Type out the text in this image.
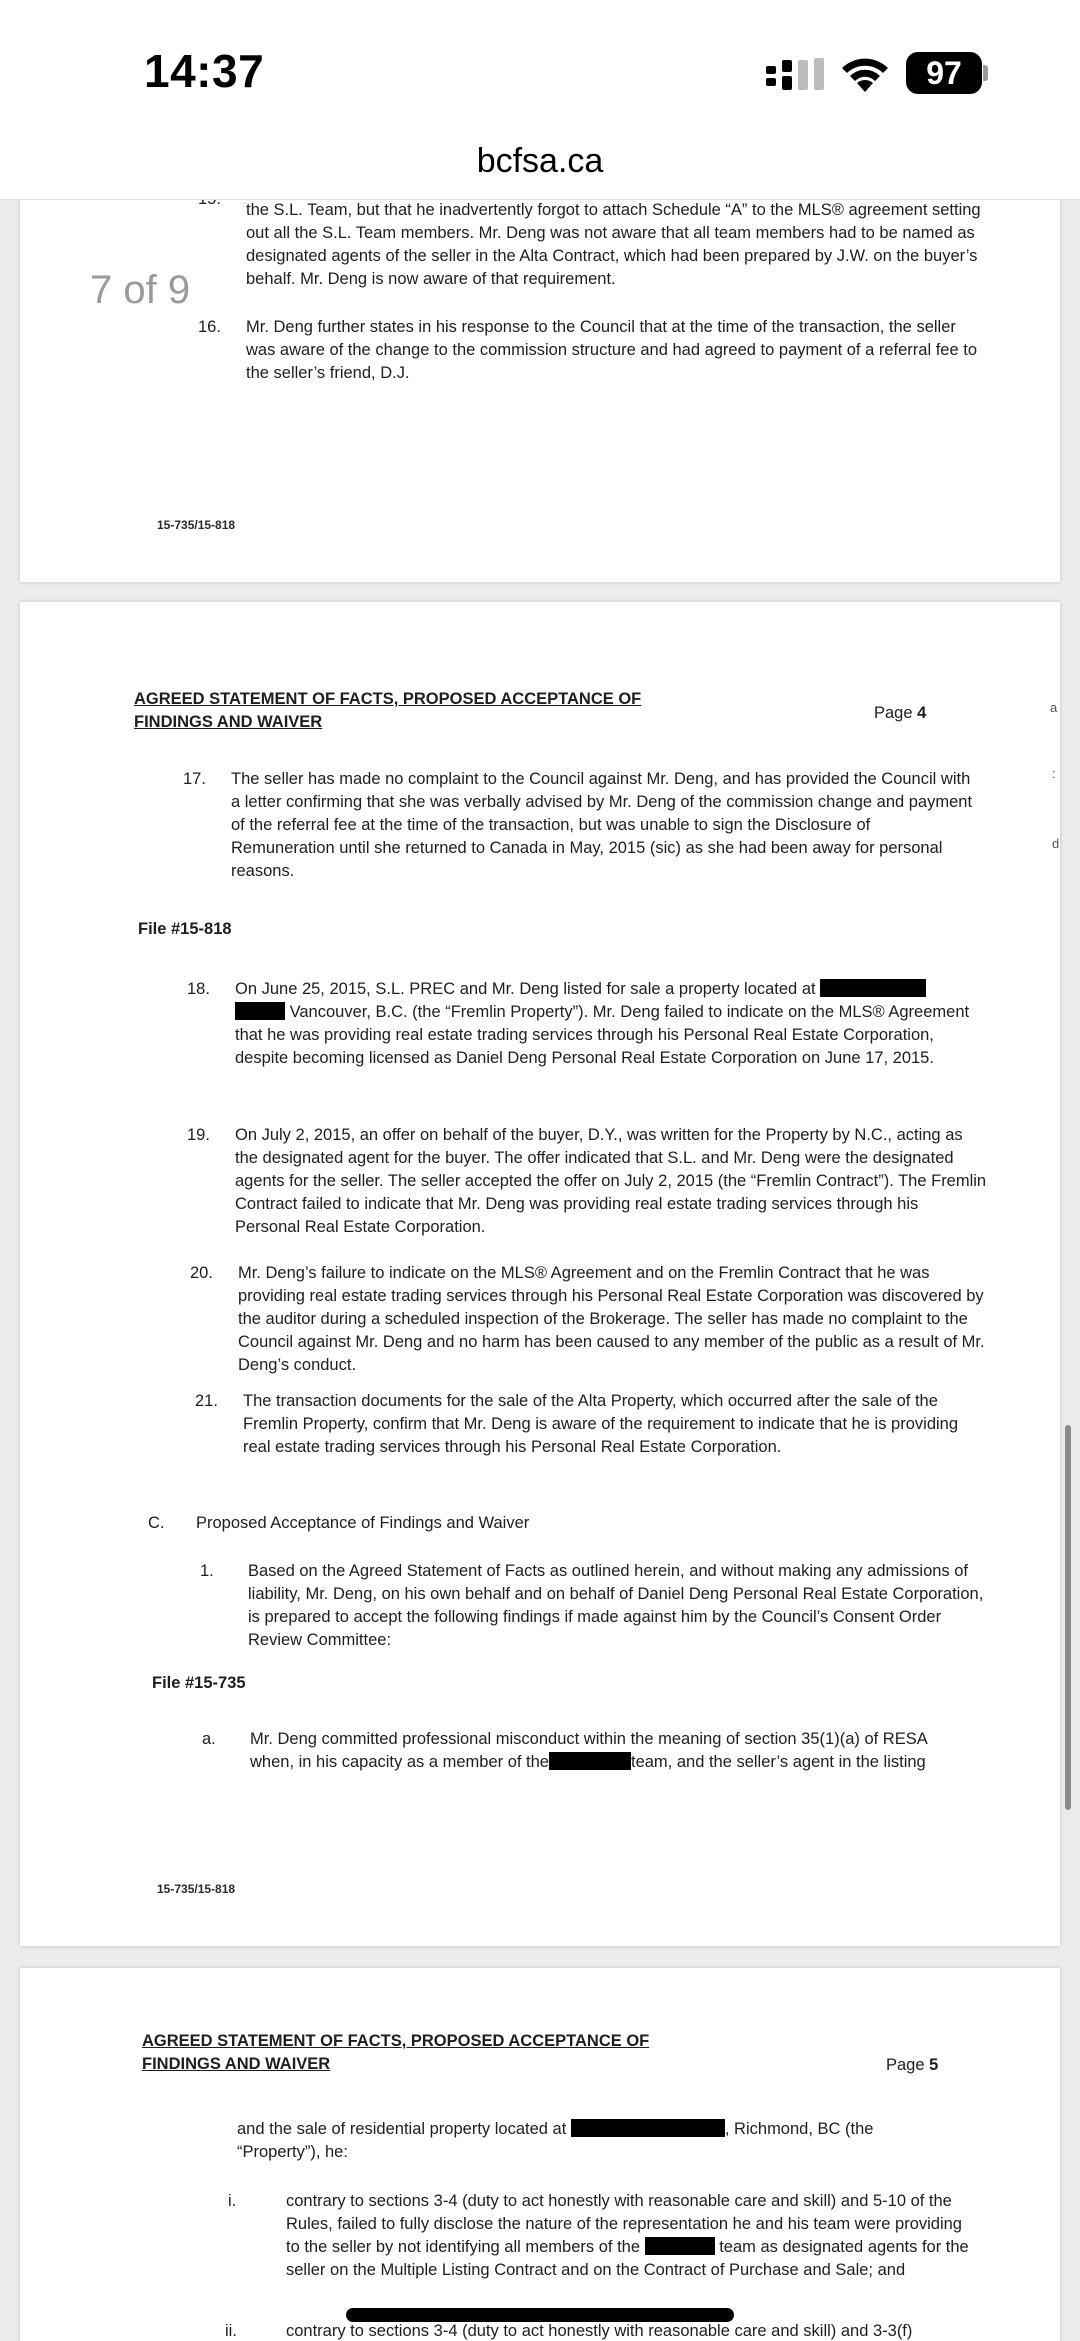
the S.L. Team, but that he inadvertently forgot to attach Schedule “A” to the MLS® agreement setting out all the S.L. Team members. Mr. Deng was not aware that all team members had to be named as designated agents of the seller in the Alta Contract, which had been prepared by J.W. on the buyer’s behalf. Mr. Deng is now aware of that requirement.
16.	Mr. Deng further states in his response to the Council that at the time of the transaction, the seller was aware of the change to the commission structure and had agreed to payment of a referral fee to the seller’s friend, D.J.
15-735/15-818
AGREED STATEMENT OF FACTS, PROPOSED ACCEPTANCE OF
FINDINGS AND WAIVER	Page 4
17.	The seller has made no complaint to the Council against Mr. Deng, and has provided the Council with a letter confirming that she was verbally advised by Mr. Deng of the commission change and payment of the referral fee at the time of the transaction, but was unable to sign the Disclosure of Remuneration until she returned to Canada in May, 2015 (sic) as she had been away for personal reasons.
File #15-818
18.	On June 25, 2015, S.L. PREC and Mr. Deng listed for sale a property located at
Vancouver, B.C. (the “Fremlin Property”). Mr. Deng failed to indicate on the MLS® Agreement that he was providing real estate trading services through his Personal Real Estate Corporation, despite becoming licensed as Daniel Deng Personal Real Estate Corporation on June 17, 2015.
19.	On July 2, 2015, an offer on behalf of the buyer, D.Y., was written for the Property by N.C., acting as the designated agent for the buyer. The offer indicated that S.L. and Mr. Deng were the designated agents for the seller. The seller accepted the offer on July 2, 2015 (the “Fremlin Contract”). The Fremlin Contract failed to indicate that Mr. Deng was providing real estate trading services through his Personal Real Estate Corporation.
20.	Mr. Deng’s failure to indicate on the MLS® Agreement and on the Fremlin Contract that he was providing real estate trading services through his Personal Real Estate Corporation was discovered by the auditor during a scheduled inspection of the Brokerage. The seller has made no complaint to the Council against Mr. Deng and no harm has been caused to any member of the public as a result of Mr. Deng’s conduct.
21.	The transaction documents for the sale of the Alta Property, which occurred after the sale of the Fremlin Property, confirm that Mr. Deng is aware of the requirement to indicate that he is providing real estate trading services through his Personal Real Estate Corporation.
C.	Proposed Acceptance of Findings and Waiver
1.	Based on the Agreed Statement of Facts as outlined herein, and without making any admissions of liability, Mr. Deng, on his own behalf and on behalf of Daniel Deng Personal Real Estate Corporation, is prepared to accept the following findings if made against him by the Council’s Consent Order Review Committee:
File #15-735
a.	Mr. Deng committed professional misconduct within the meaning of section 35(1)(a) of RESA
when, in his capacity as a member of the	team, and the seller’s agent in the listing
15-735/15-818
AGREED STATEMENT OF FACTS, PROPOSED ACCEPTANCE OF
FINDINGS AND WAIVER	Page 5
and the sale of residential property located at	, Richmond, BC (the
“Property”), he:
i.	contrary to sections 3-4 (duty to act honestly with reasonable care and skill) and 5-10 of the Rules, failed to fully disclose the nature of the representation he and his team were providing to the seller by not identifying all members of the	team as designated agents for the seller on the Multiple Listing Contract and on the Contract of Purchase and Sale; and
ii.	contrary to sections 3-4 (duty to act honestly with reasonable care and skill) and 3-3(f)
a
:
d
14:37	97
bcfsa.ca
7 of 9
